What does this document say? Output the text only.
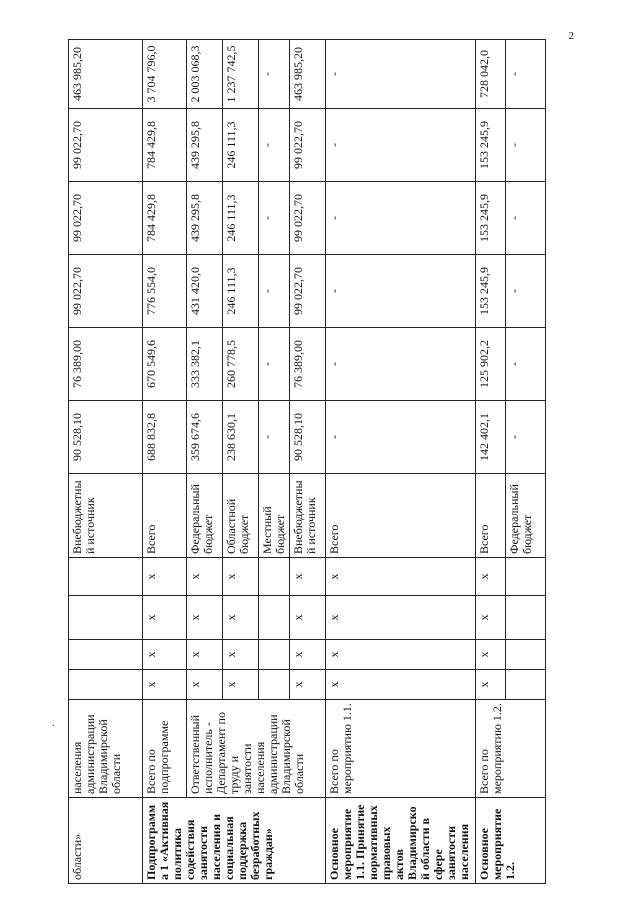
2
.
области»	населения администрации Владимирской области					Внебюджетный источник	90 528,10	76 389,00	99 022,70	99 022,70	99 022,70	463 985,20
Подпрограмма 1 «Активная политика содействия занятости населения и социальная поддержка безработных граждан»	Всего по подпрограмме	x	x	x	x	Всего	688 832,8	670 549,6	776 554,0	784 429,8	784 429,8	3 704 796,0
	Ответственный исполнитель - Департамент по труду и занятости населения администрации Владимирской области	x	x	x	x	Федеральный бюджет	359 674,6	333 382,1	431 420,0	439 295,8	439 295,8	2 003 068,3
		x	x	x	x	Областной бюджет	238 630,1	260 778,5	246 111,3	246 111,3	246 111,3	1 237 742,5
						Местный бюджет	-	-	-	-	-	-
		x	x	x	x	Внебюджетный источник	90 528,10	76 389,00	99 022,70	99 022,70	99 022,70	463 985,20
Основное мероприятие 1.1. Принятие нормативных правовых актов Владимирской области в сфере занятости населения	Всего по мероприятию 1.1.	x	x	x	x	Всего	-	-	-	-	-	-
Основное мероприятие 1.2.	Всего по мероприятию 1.2.	x	x	x	x	Всего	142 402,1	125 902,2	153 245,9	153 245,9	153 245,9	728 042,0
						Федеральный бюджет	-	-	-	-	-	-
